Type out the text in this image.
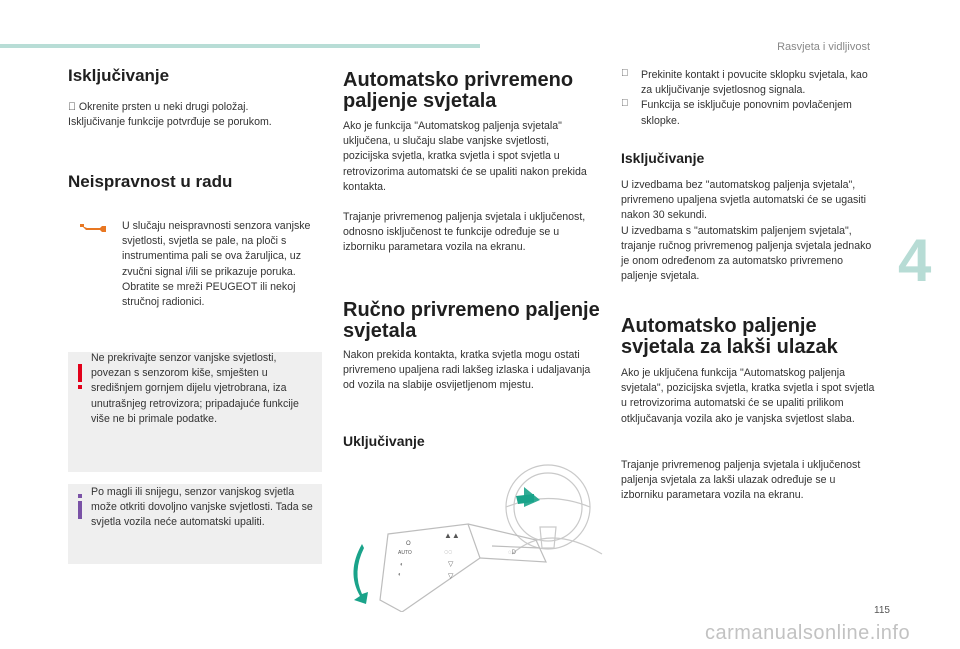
Rasvjeta i vidljivost
Isključivanje
Okrenite prsten u neki drugi položaj.
Isključivanje funkcije potvrđuje se porukom.
Neispravnost u radu
U slučaju neispravnosti senzora vanjske svjetlosti, svjetla se pale, na ploči s instrumentima pali se ova žaruljica, uz zvučni signal i/ili se prikazuje poruka.
Obratite se mreži PEUGEOT ili nekoj stručnoj radionici.
Ne prekrivajte senzor vanjske svjetlosti, povezan s senzorom kiše, smješten u središnjem gornjem dijelu vjetrobrana, iza unutrašnjeg retrovizora; pripadajuće funkcije više ne bi primale podatke.
Po magli ili snijegu, senzor vanjskog svjetla može otkriti dovoljno vanjske svjetlosti. Tada se svjetla vozila neće automatski upaliti.
Automatsko privremeno paljenje svjetala
Ako je funkcija "Automatskog paljenja svjetala" uključena, u slučaju slabe vanjske svjetlosti, pozicijska svjetla, kratka svjetla i spot svjetla u retrovizorima automatski će se upaliti nakon prekida kontakta.
Trajanje privremenog paljenja svjetala i uključenost, odnosno isključenost te funkcije određuje se u izborniku parametara vozila na ekranu.
Ručno privremeno paljenje svjetala
Nakon prekida kontakta, kratka svjetla mogu ostati privremeno upaljena radi lakšeg izlaska i udaljavanja od vozila na slabije osvijetljenom mjestu.
Uključivanje
O
AUTO
▲▲
◌◌
▽
▽
◐
◐
◌D
Prekinite kontakt i povucite sklopku svjetala, kao za uključivanje svjetlosnog signala.
Funkcija se isključuje ponovnim povlačenjem sklopke.
Isključivanje
U izvedbama bez "automatskog paljenja svjetala", privremeno upaljena svjetla automatski će se ugasiti nakon 30 sekundi.
U izvedbama s "automatskim paljenjem svjetala", trajanje ručnog privremenog paljenja svjetala jednako je onom određenom za automatsko privremeno paljenje svjetala.
Automatsko paljenje svjetala za lakši ulazak
Ako je uključena funkcija "Automatskog paljenja svjetala", pozicijska svjetla, kratka svjetla i spot svjetla u retrovizorima automatski će se upaliti prilikom otključavanja vozila ako je vanjska svjetlost slaba.
Trajanje privremenog paljenja svjetala i uključenost paljenja svjetala za lakši ulazak određuje se u izborniku parametara vozila na ekranu.
4
115
carmanualsonline.info
